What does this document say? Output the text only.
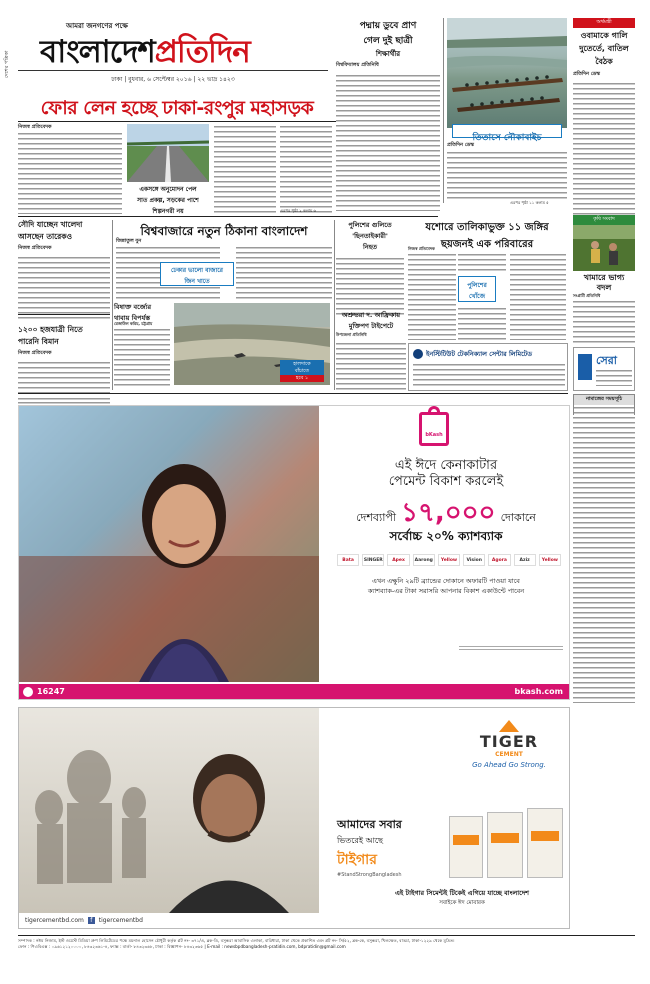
দেশের পত্রিকা
আমরা জনগণের পক্ষে
বাংলাদেশপ্রতিদিন
ঢাকা | বুধবার, ৬ সেপ্টেম্বর ২০১৬ | ২২ ভাদ্র ১৪২৩
পদ্মায় ডুবে প্রাণ
গেল দুই ছাত্রী
শিক্ষার্থীর
বিশ্ববিদ্যালয় প্রতিনিধি
তিতাসে নৌকাবাইচ
প্রতিদিন ডেস্ক
এরপর পৃষ্ঠা ১১ কলাম ৫
অর্থমন্ত্রী
ওবামাকে গালি
দুতের্তে, বাতিল
বৈঠক
প্রতিদিন ডেস্ক
ফোর লেন হচ্ছে ঢাকা-রংপুর মহাসড়ক
নিজস্ব প্রতিবেদক
একসঙ্গে অনুমোদন পেল
সাত প্রকল্প, সড়কের পাশে
শিল্পনগরী নয়	এরপর পৃষ্ঠা ২ কলাম ৬
সৌদি যাচ্ছেন খালেদা
আসছেন তারেকও
নিজস্ব প্রতিবেদক
১২০০ হজযাত্রী নিতে
পারেনি বিমান
নিজস্ব প্রতিবেদক
বিশ্ববাজারে নতুন ঠিকানা বাংলাদেশ
জিন্নাতুল বুন
ঢেকার ভালো বাজারে
জিন খাতে
বিষাক্ত বর্জ্যের
থাবায় বিপর্যস্ত
রেজাউল করিম, চট্টগ্রাম
হালদাকে
বাঁচাতে
হবে ১
পুলিশের গুলিতে
'ছিনতাইকারী'
নিহত
অশ্রুভরা দ. আফ্রিকায়
মুক্তিপণ টাইপেটে
উপজেলা প্রতিনিধি
যশোরে তালিকাভুক্ত ১১ জঙ্গির
ছয়জনই এক পরিবারের
নিজস্ব প্রতিবেদক
পুলিশের
খোঁজে
ইনস্টিটিউট টেকনিক্যাল সেন্টার লিমিটেড
কৃষি সংবাদ
খামারে ভাগ্য
বদল
সংগ্রামী প্রতিনিধি
সেরা
নামাজের সময়সূচি
bKash
এই ঈদে কেনাকাটার
পেমেন্ট বিকাশ করলেই
দেশব্যাপী ১৭,০০০ দোকানে
সর্বোচ্চ ২০% ক্যাশব্যাক
Bata	SINGER	Apex	Aarong	Yellow	Vision	Agora	Aziz	Yellow
এখন এক্ষুনি ২৯টি ব্র্যান্ডের দোকানে অফারটি পাওয়া যাবে
ক্যাশব্যাক-এর টাকা সরাসরি আপনার বিকাশ একাউন্টে পাবেন
16247	bkash.com
TIGER
CEMENT
Go Ahead Go Strong.
আমাদের সবার
ভিতরেই আছে
টাইগার
#StandStrongBangladesh
এই টাইগার সিমেন্টই টিকেই এগিয়ে যাচ্ছে বাংলাদেশ
সবাইকে ঈদ মোবারক
tigercementbd.com f tigercementbd
সম্পাদক : নঈম নিজাম, ইস্ট ওয়েস্ট মিডিয়া গ্রুপ লিমিটেডের পক্ষে ময়নাল হোসেন চৌধুরী কর্তৃক প্লট নং- ৩৭১/এ, ব্লক-ডি, বসুন্ধরা আবাসিক এলাকা, বারিধারা, ঢাকা থেকে প্রকাশিত এবং প্লট নং- সি/৫২, ব্লক-কে, বসুন্ধরা, খিলক্ষেত, বাড্ডা, ঢাকা-১২২৯ থেকে মুদ্রিত।
ফোন : পিএবিএক্স : ০৯৬১২১২০০০০, ৮৪৩২৩৬১-৪, ফ্যাক্স : বার্তা- ৮৪৩২৩৬৮, ঢাকা : বিজ্ঞাপন- ৮৪৩২৩৬৫ | E-mail : newsbpdbangladesh-pratidin.com, bdpratidin@gmail.com
